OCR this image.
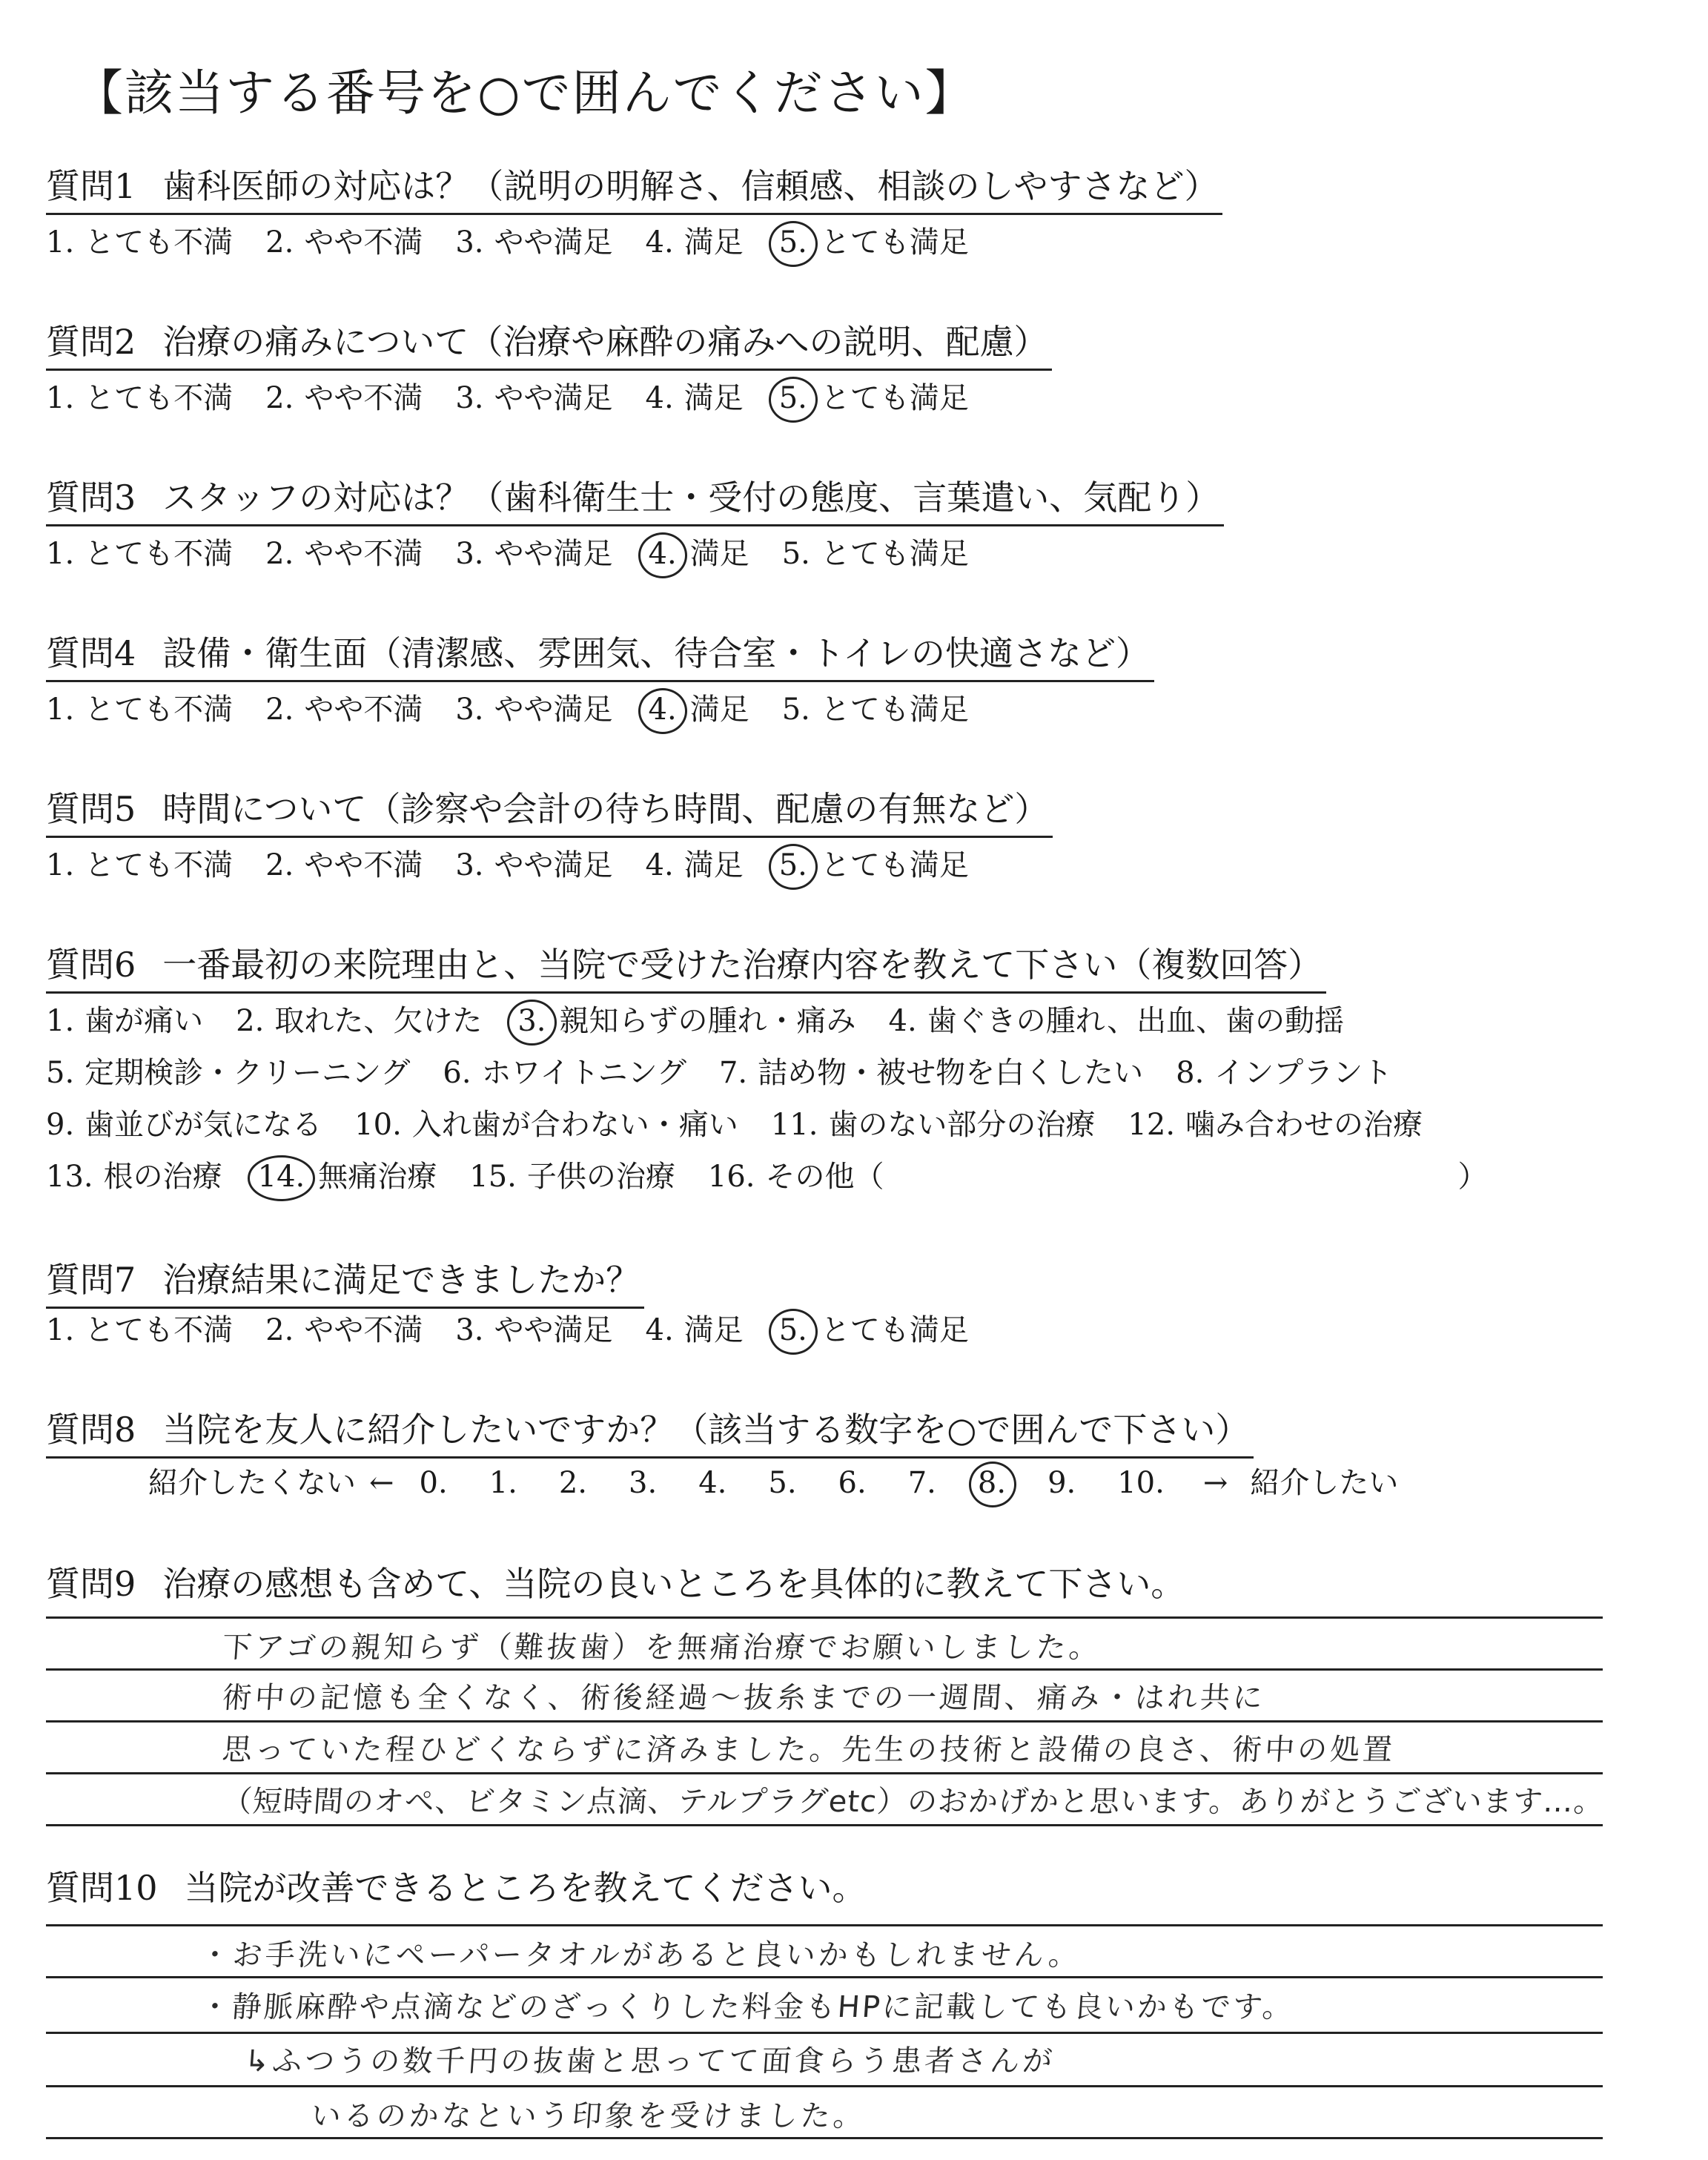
【該当する番号を○で囲んでください】
質問1 歯科医師の対応は？（説明の明解さ、信頼感、相談のしやすさなど）
1. とても不満 2. やや不満 3. やや満足 4. 満足 5. とても満足
質問2 治療の痛みについて（治療や麻酔の痛みへの説明、配慮）
1. とても不満 2. やや不満 3. やや満足 4. 満足 5. とても満足
質問3 スタッフの対応は？（歯科衛生士・受付の態度、言葉遣い、気配り）
1. とても不満 2. やや不満 3. やや満足 4. 満足 5. とても満足
質問4 設備・衛生面（清潔感、雰囲気、待合室・トイレの快適さなど）
1. とても不満 2. やや不満 3. やや満足 4. 満足 5. とても満足
質問5 時間について（診察や会計の待ち時間、配慮の有無など）
1. とても不満 2. やや不満 3. やや満足 4. 満足 5. とても満足
質問6 一番最初の来院理由と、当院で受けた治療内容を教えて下さい（複数回答）
1. 歯が痛い 2. 取れた、欠けた 3. 親知らずの腫れ・痛み 4. 歯ぐきの腫れ、出血、歯の動揺
5. 定期検診・クリーニング 6. ホワイトニング 7. 詰め物・被せ物を白くしたい 8. インプラント
9. 歯並びが気になる 10. 入れ歯が合わない・痛い 11. 歯のない部分の治療 12. 噛み合わせの治療
13. 根の治療 14. 無痛治療 15. 子供の治療 16. その他（	）
質問7 治療結果に満足できましたか？
1. とても不満 2. やや不満 3. やや満足 4. 満足 5. とても満足
質問8 当院を友人に紹介したいですか？（該当する数字を○で囲んで下さい）
紹介したくない ← 0. 1. 2. 3. 4. 5. 6. 7. 8. 9. 10. → 紹介したい
質問9 治療の感想も含めて、当院の良いところを具体的に教えて下さい。
下アゴの親知らず（難抜歯）を無痛治療でお願いしました。
術中の記憶も全くなく、術後経過〜抜糸までの一週間、痛み・はれ共に
思っていた程ひどくならずに済みました。先生の技術と設備の良さ、術中の処置
（短時間のオペ、ビタミン点滴、テルプラグetc）のおかげかと思います。ありがとうございます…。
質問10 当院が改善できるところを教えてください。
・お手洗いにペーパータオルがあると良いかもしれません。
・静脈麻酔や点滴などのざっくりした料金もHPに記載しても良いかもです。
↳ふつうの数千円の抜歯と思ってて面食らう患者さんが
いるのかなという印象を受けました。
